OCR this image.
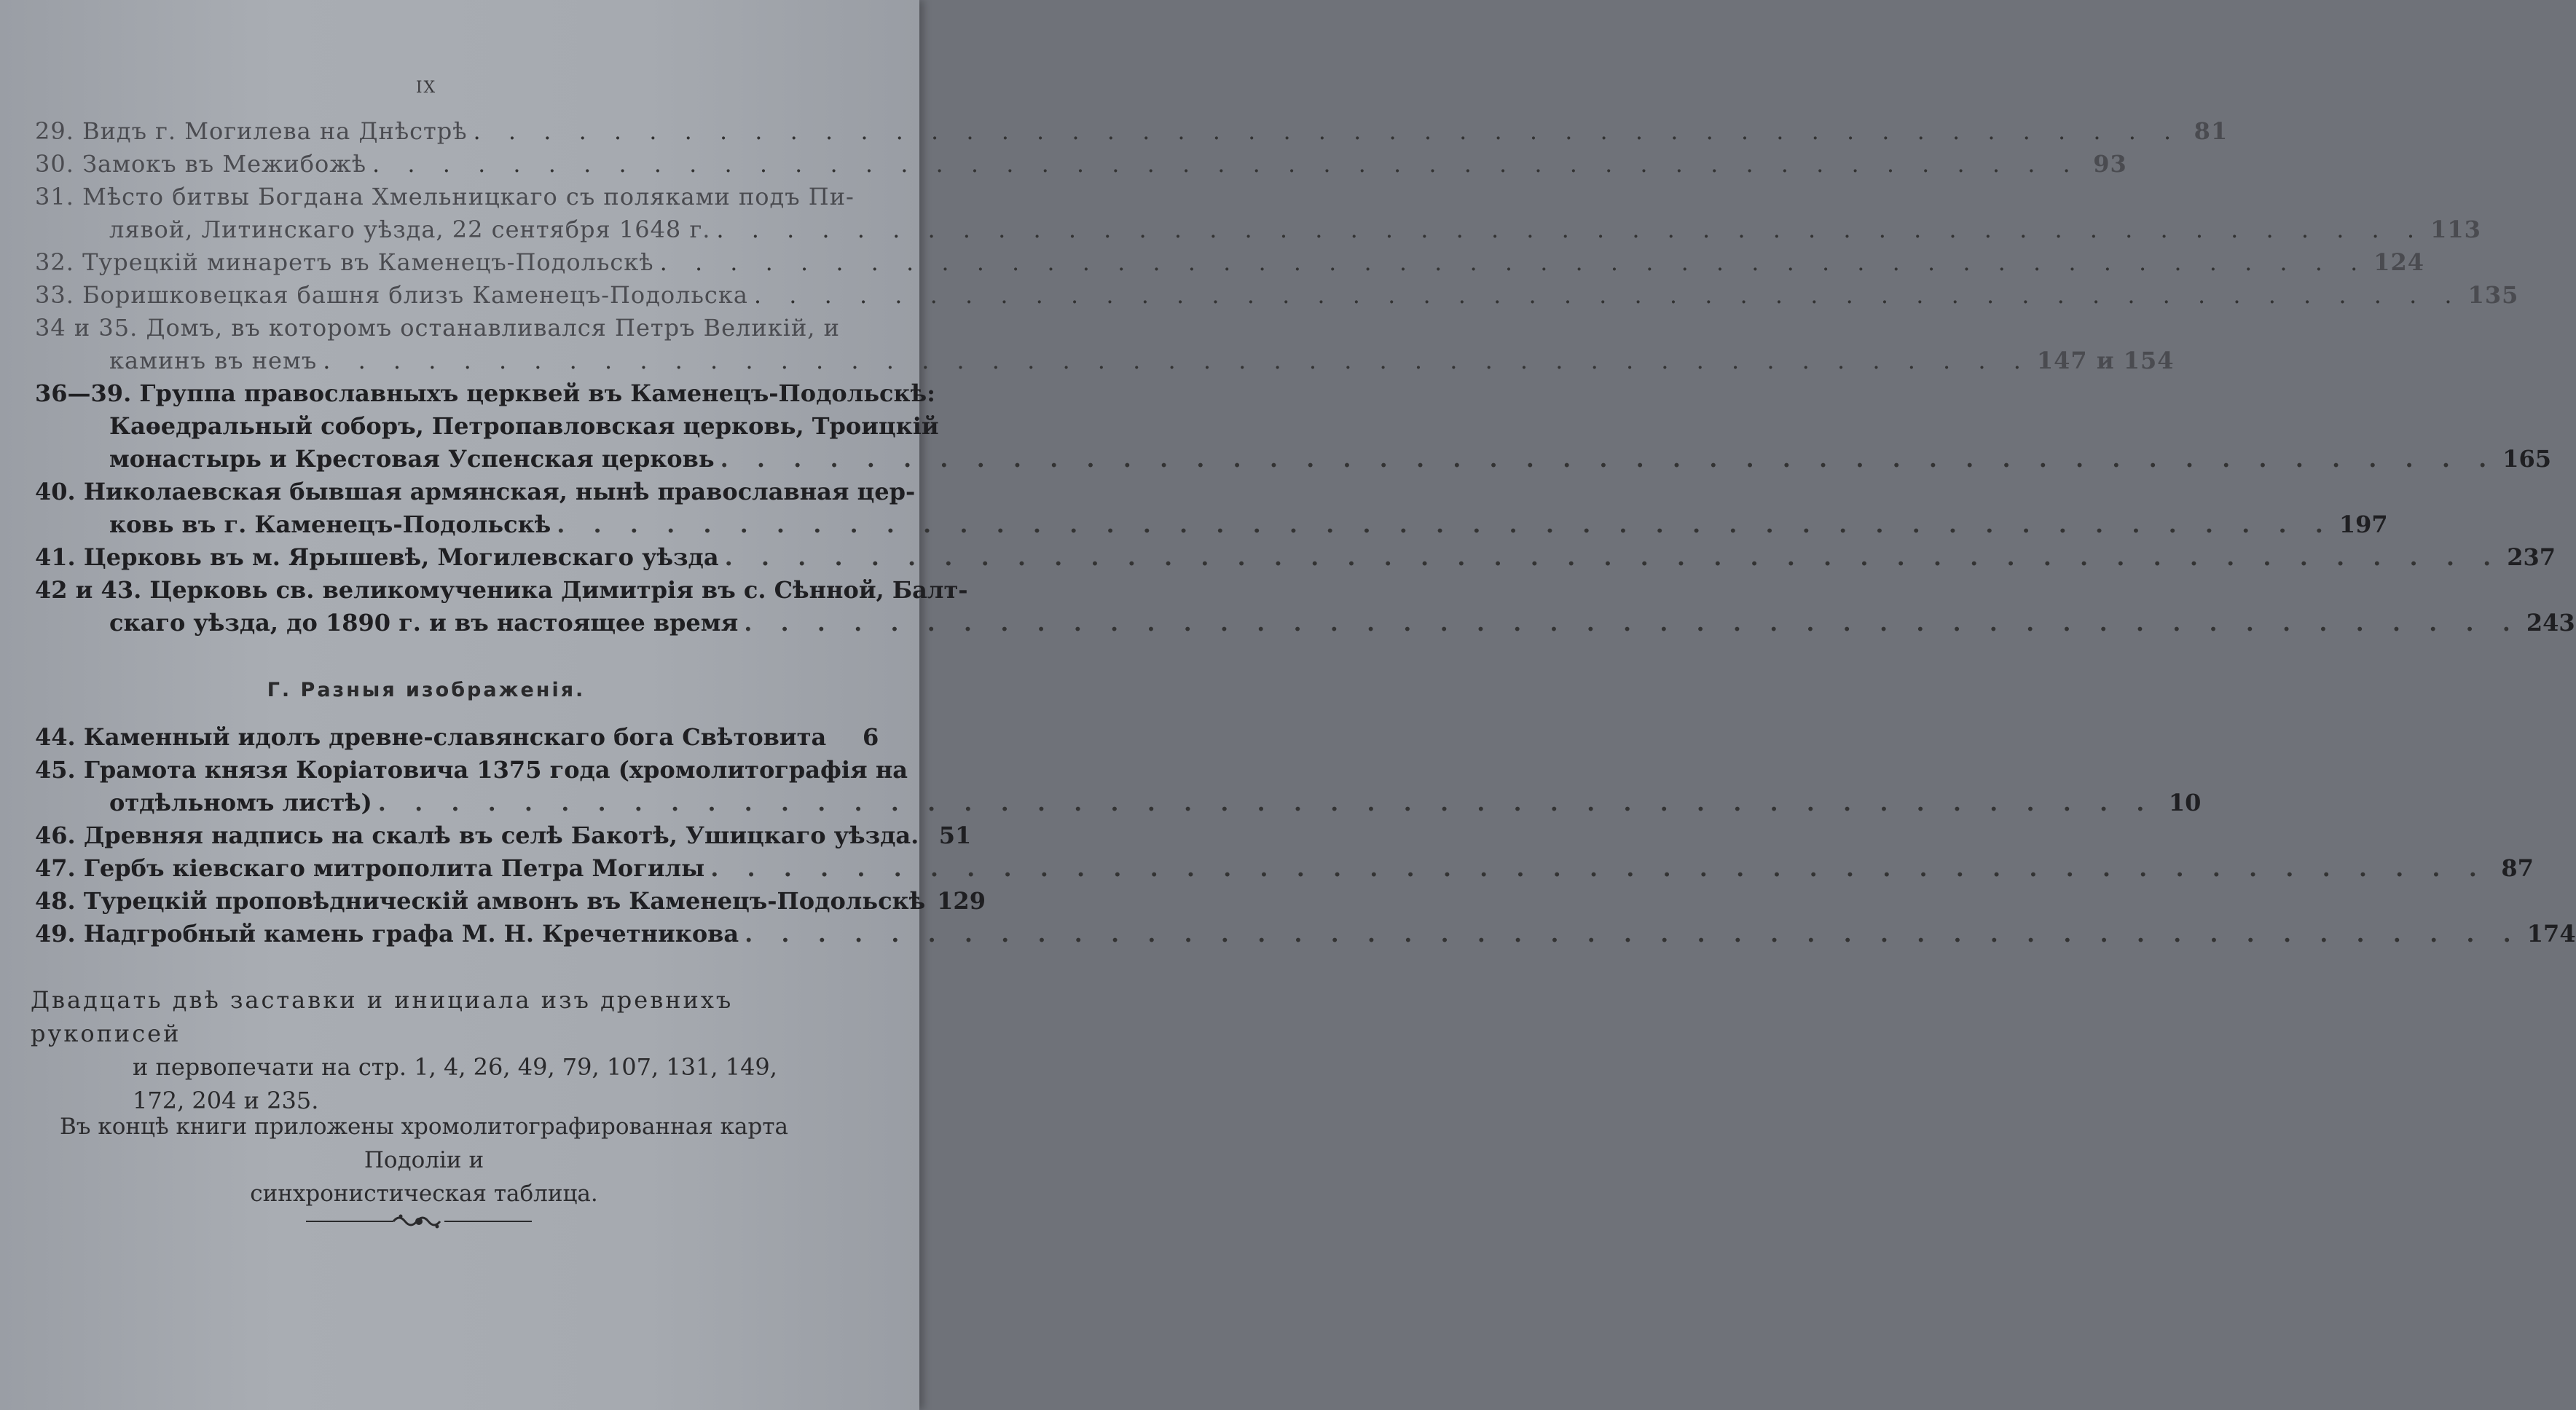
IX
29. Видъ г. Могилева на Днѣстрѣ . . .	81
30. Замокъ въ Межибожѣ . . .	93
31. Мѣсто битвы Богдана Хмельницкаго съ поляками подъ Пи-
лявой, Литинскаго уѣзда, 22 сентября 1648 г. . . .	113
32. Турецкій минаретъ въ Каменецъ-Подольскѣ . . .	124
33. Боришковецкая башня близъ Каменецъ-Подольска . . .	135
34 и 35. Домъ, въ которомъ останавливался Петръ Великій, и
каминъ въ немъ . . .	147 и 154
36—39. Группа православныхъ церквей въ Каменецъ-Подольскѣ:
Каѳедральный соборъ, Петропавловская церковь, Троицкій
монастырь и Крестовая Успенская церковь . . .	165
40. Николаевская бывшая армянская, нынѣ православная цер-
ковь въ г. Каменецъ-Подольскѣ . . .	197
41. Церковь въ м. Ярышевѣ, Могилевскаго уѣзда . . .	237
42 и 43. Церковь св. великомученика Димитрія въ с. Сѣнной, Балт-
скаго уѣзда, до 1890 г. и въ настоящее время . . .	243
Г. Разныя изображенія.
44. Каменный идолъ древне-славянскаго бога Свѣтовита	6
45. Грамота князя Коріатовича 1375 года (хромолитографія на
отдѣльномъ листѣ) . . .	10
46. Древняя надпись на скалѣ въ селѣ Бакотѣ, Ушицкаго уѣзда. 51
47. Гербъ кіевскаго митрополита Петра Могилы . . .	87
48. Турецкій проповѣдническій амвонъ въ Каменецъ-Подольскѣ 129
49. Надгробный камень графа М. Н. Кречетникова . . .	174
Двадцать двѣ заставки и инициала изъ древнихъ рукописей
и первопечати на стр. 1, 4, 26, 49, 79, 107, 131, 149,
172, 204 и 235.
Въ концѣ книги приложены хромолитографированная карта Подоліи и
синхронистическая таблица.
